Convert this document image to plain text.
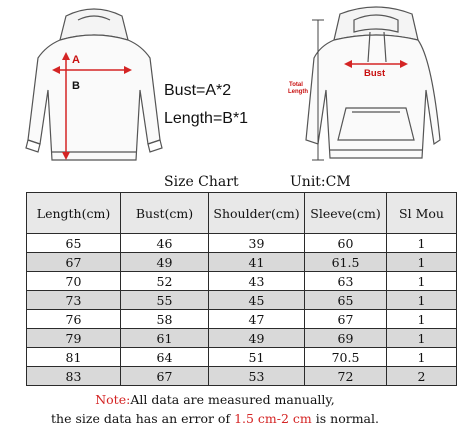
A
B	Bust=A*2
Length=B*1
Bust
Total
Length
Size Chart	Unit:CM
Length(cm)	Bust(cm)	Shoulder(cm)	Sleeve(cm)	Sl Mou
65	46	39	60	1
67	49	41	61.5	1
70	52	43	63	1
73	55	45	65	1
76	58	47	67	1
79	61	49	69	1
81	64	51	70.5	1
83	67	53	72	2
Note:All data are measured manually,
the size data has an error of 1.5 cm-2 cm is normal.
